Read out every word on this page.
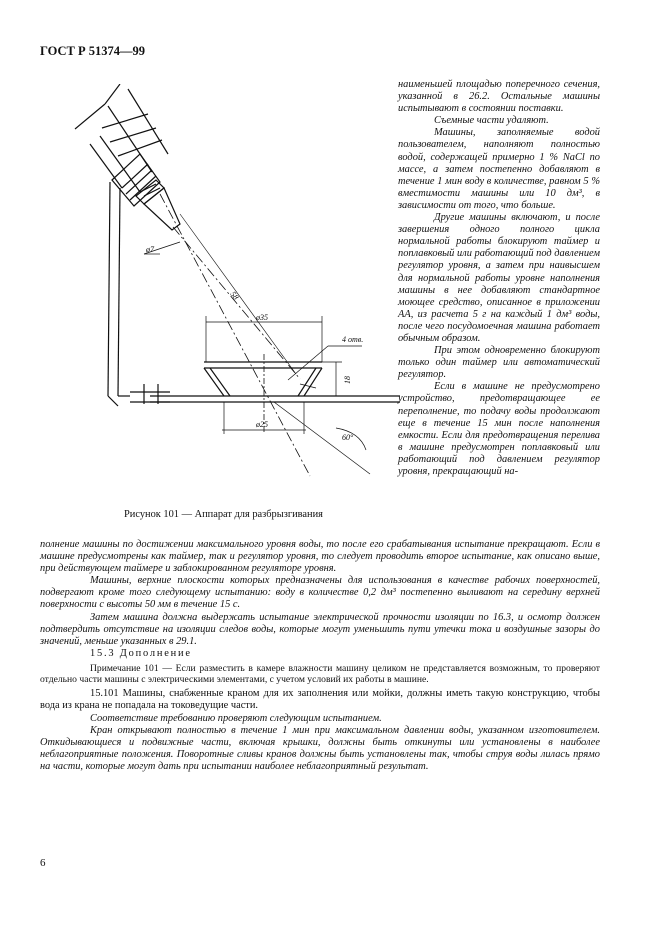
ГОСТ Р 51374—99
ø7
58
ø35
4 отв.
18
ø25
60°
Рисунок 101 — Аппарат для разбрызгивания

наименьшей площадью поперечного сечения, указанной в 26.2. Остальные машины испытывают в состоянии поставки.

Съемные части удаляют.

Машины, заполняемые водой пользователем, наполняют полностью водой, содержащей примерно 1 % NaCl по массе, а затем постепенно добавляют в течение 1 мин воду в количестве, равном 5 % вместимости машины или 10 дм³, в зависимости от того, что больше.

Другие машины включают, и после завершения одного полного цикла нормальной работы блокируют таймер и поплавковый или работающий под давлением регулятор уровня, а затем при наивысшем для нормальной работы уровне наполнения машины в нее добавляют стандартное моющее средство, описанное в приложении АА, из расчета 5 г на каждый 1 дм³ воды, после чего посудомоечная машина работает обычным образом.

При этом одновременно блокируют только один таймер или автоматический регулятор.

Если в машине не предусмотрено устройство, предотвращающее ее переполнение, то подачу воды продолжают еще в течение 15 мин после наполнения емкости. Если для предотвращения перелива в машине предусмотрен поплавковый или работающий под давлением регулятор уровня, прекращающий на-

полнение машины по достижении максимального уровня воды, то после его срабатывания испытание прекращают. Если в машине предусмотрены как таймер, так и регулятор уровня, то следует проводить второе испытание, как описано выше, при действующем таймере и заблокированном регуляторе уровня.

Машины, верхние плоскости которых предназначены для использования в качестве рабочих поверхностей, подвергают кроме того следующему испытанию: воду в количестве 0,2 дм³ постепенно выливают на середину верхней поверхности с высоты 50 мм в течение 15 с.

Затем машина должна выдержать испытание электрической прочности изоляции по 16.3, и осмотр должен подтвердить отсутствие на изоляции следов воды, которые могут уменьшить пути утечки тока и воздушные зазоры до значений, меньше указанных в 29.1.

15.3 Дополнение

Примечание 101 — Если разместить в камере влажности машину целиком не представляется возможным, то проверяют отдельно части машины с электрическими элементами, с учетом условий их работы в машине.

15.101 Машины, снабженные краном для их заполнения или мойки, должны иметь такую конструкцию, чтобы вода из крана не попадала на токоведущие части.

Соответствие требованию проверяют следующим испытанием.

Кран открывают полностью в течение 1 мин при максимальном давлении воды, указанном изготовителем. Откидывающиеся и подвижные части, включая крышки, должны быть откинуты или установлены в наиболее неблагоприятные положения. Поворотные сливы кранов должны быть установлены так, чтобы струя воды лилась прямо на части, которые могут дать при испытании наиболее неблагоприятный результат.

6
